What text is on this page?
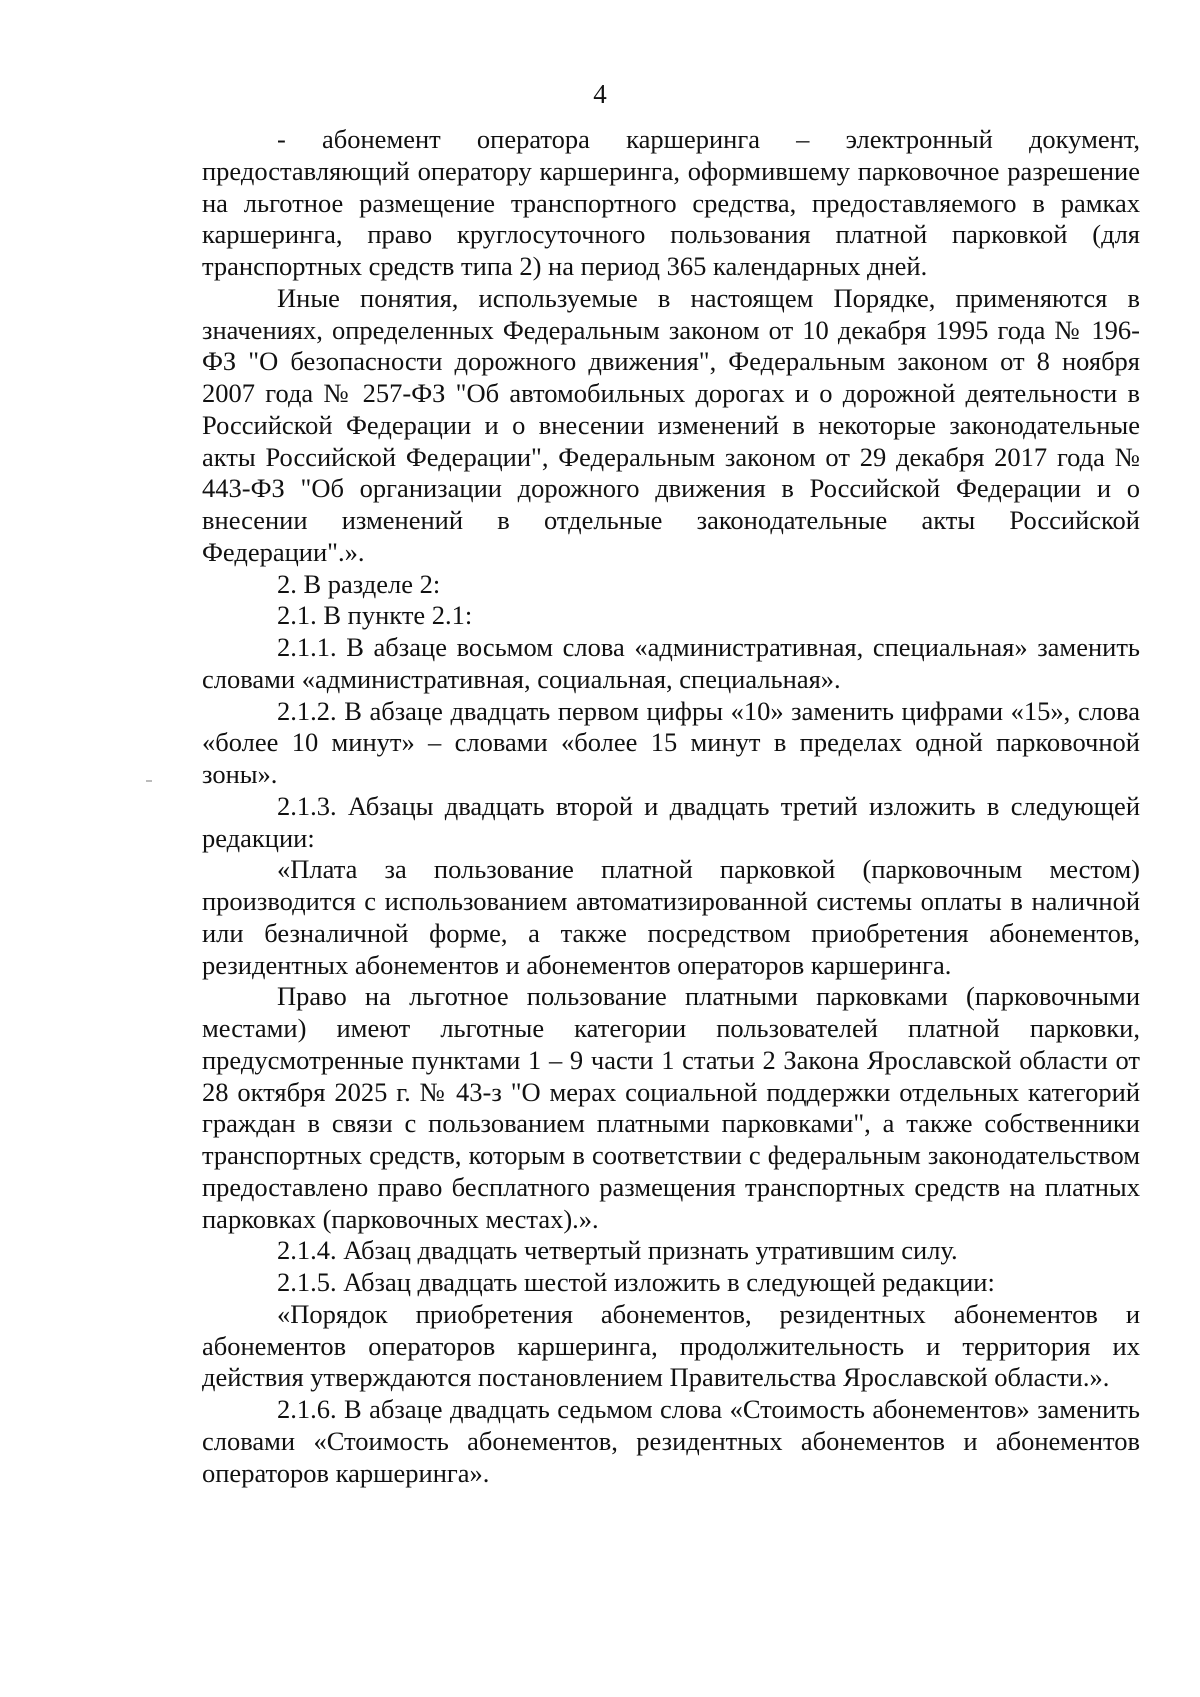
4

- абонемент оператора каршеринга – электронный документ, предоставляющий оператору каршеринга, оформившему парковочное разрешение на льготное размещение транспортного средства, предоставляемого в рамках каршеринга, право круглосуточного пользования платной парковкой (для транспортных средств типа 2) на период 365 календарных дней.

Иные понятия, используемые в настоящем Порядке, применяются в значениях, определенных Федеральным законом от 10 декабря 1995 года № 196-ФЗ "О безопасности дорожного движения", Федеральным законом от 8 ноября 2007 года № 257-ФЗ "Об автомобильных дорогах и о дорожной деятельности в Российской Федерации и о внесении изменений в некоторые законодательные акты Российской Федерации", Федеральным законом от 29 декабря 2017 года № 443-ФЗ "Об организации дорожного движения в Российской Федерации и о внесении изменений в отдельные законодательные акты Российской Федерации".».

2. В разделе 2:

2.1. В пункте 2.1:

2.1.1. В абзаце восьмом слова «административная, специальная» заменить словами «административная, социальная, специальная».

2.1.2. В абзаце двадцать первом цифры «10» заменить цифрами «15», слова «более 10 минут» – словами «более 15 минут в пределах одной парковочной зоны».

2.1.3. Абзацы двадцать второй и двадцать третий изложить в следующей редакции:

«Плата за пользование платной парковкой (парковочным местом) производится с использованием автоматизированной системы оплаты в наличной или безналичной форме, а также посредством приобретения абонементов, резидентных абонементов и абонементов операторов каршеринга.

Право на льготное пользование платными парковками (парковочными местами) имеют льготные категории пользователей платной парковки, предусмотренные пунктами 1 – 9 части 1 статьи 2 Закона Ярославской области от 28 октября 2025 г. № 43-з "О мерах социальной поддержки отдельных категорий граждан в связи с пользованием платными парковками", а также собственники транспортных средств, которым в соответствии с федеральным законодательством предоставлено право бесплатного размещения транспортных средств на платных парковках (парковочных местах).».

2.1.4. Абзац двадцать четвертый признать утратившим силу.

2.1.5. Абзац двадцать шестой изложить в следующей редакции:

«Порядок приобретения абонементов, резидентных абонементов и абонементов операторов каршеринга, продолжительность и территория их действия утверждаются постановлением Правительства Ярославской области.».

2.1.6. В абзаце двадцать седьмом слова «Стоимость абонементов» заменить словами «Стоимость абонементов, резидентных абонементов и абонементов операторов каршеринга».
